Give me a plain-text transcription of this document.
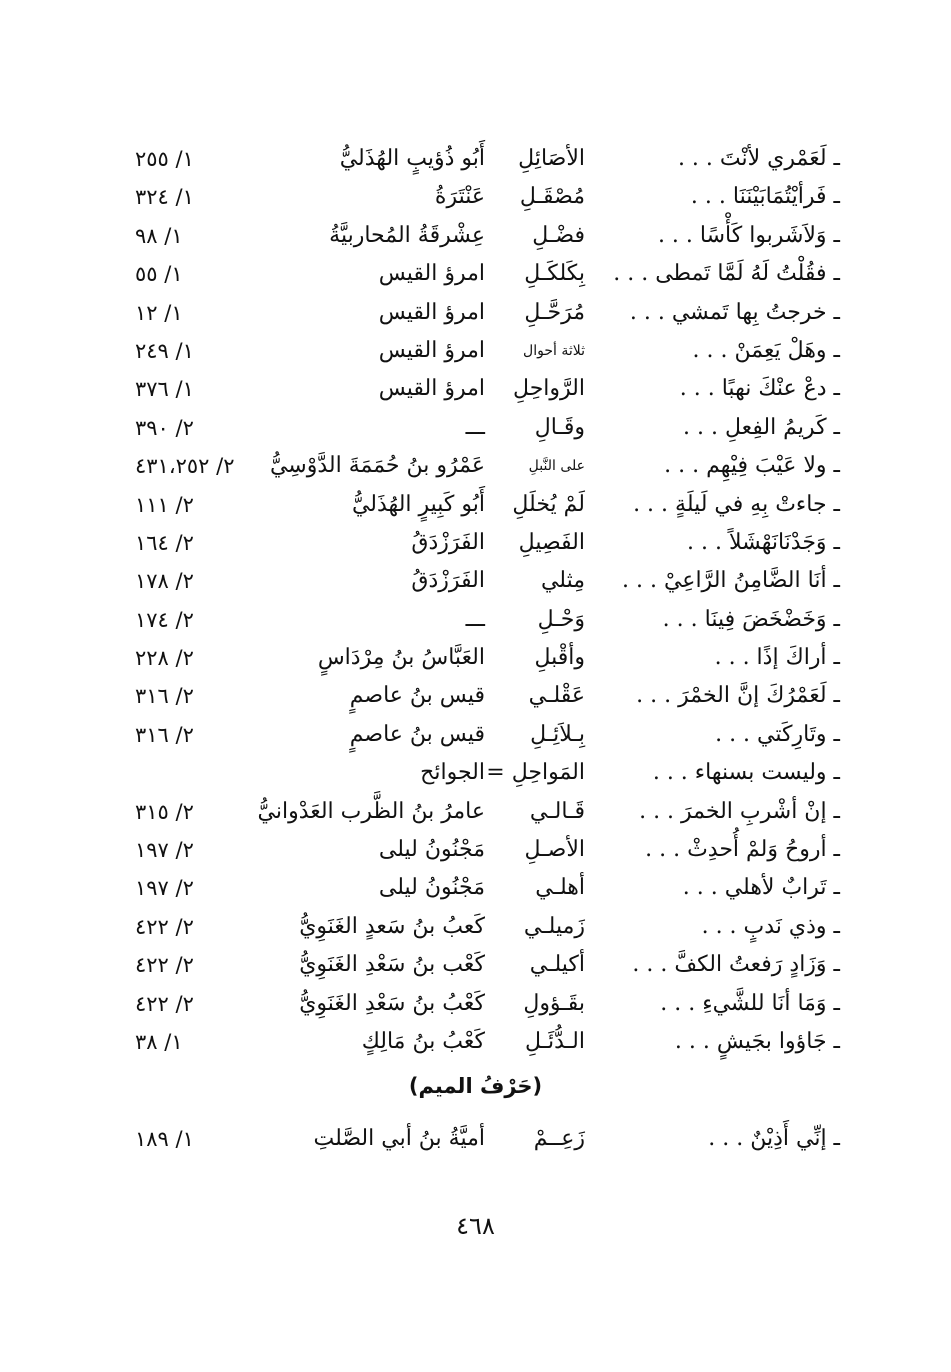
ـ لَعَمْري لأنْتَ . . .
الأصَائِلِ
أَبُو ذُؤيبٍ الهُذَليُّ
١/ ٢٥٥
ـ فَرأيْتُمَابَيْنَنَا . . .
مُصْقَـلِ
عَنْتَرَةُ
١/ ٣٢٤
ـ وَلاَشَربوا كَأْسًا . . .
فضْـلِ
عِشْرقَةُ المُحاربيَّةُ
١/ ٩٨
ـ فقُلْتُ لَهُ لَمَّا تَمطى . . .
بِكَلكَـلِ
امرؤ القيس
١/ ٥٥
ـ خرجتُ بِها تَمشي . . .
مُرَحَّـلِ
امرؤ القيس
١/ ١٢
ـ وهَلْ يَعِمَنْ . . .
ثلاثة أحوال
امرؤ القيس
١/ ٢٤٩
ـ دعْ عنْكَ نهبًا . . .
الرَّواحِلِ
امرؤ القيس
١/ ٣٧٦
ـ كَريمُ الفِعلِ . . .
وقَـالِ
ـــ
٢/ ٣٩٠
ـ ولا عَيْبَ فِيْهِم . . .
على النَّبلِ
عَمْرُو بنُ حُمَمَةَ الدَّوْسِيُّ
٢/ ٤٣١،٢٥٢
ـ جاءتْ بِهِ في لَيلَةٍ . . .
لَمْ يُخلَلِ
أَبُو كَبِيرٍ الهُذَليُّ
٢/ ١١١
ـ وَجَدْنَانَهْشَلاً . . .
الفَصِيلِ
الفَرَزْدَقُ
٢/ ١٦٤
ـ أنَا الضَّامِنُ الرَّاعِيْ . . .
مِثلي
الفَرَزْدَقُ
٢/ ١٧٨
ـ وَخَضْخَضَ فِينَا . . .
وَحْـلِ
ـــ
٢/ ١٧٤
ـ أراكَ إذًا . . .
وأقْبلِ
العَبَّاسُ بنُ مِرْدَاسٍ
٢/ ٢٢٨
ـ لَعَمْرُكَ إنَّ الخمْرَ . . .
عَقْلـي
قيس بنُ عاصمٍ
٢/ ٣١٦
ـ وتَارِكَتي . . .
بِـلاَئِـلِ
قيس بنُ عاصمٍ
٢/ ٣١٦
ـ وليست بسنهاء . . .
المَواحِلِ =
الجوائح
ـ إنْ أشْربِ الخمرَ . . .
قَـالـي
عامرُ بنُ الظَّرب العَدْوانيُّ
٢/ ٣١٥
ـ أروحُ وَلمْ أُحدِثْ . . .
الأصـلِ
مَجْنُونُ ليلى
٢/ ١٩٧
ـ تَرابٌ لأهلي . . .
أهلـي
مَجْنُونُ ليلى
٢/ ١٩٧
ـ وذي نَدبٍ . . .
زَميلـي
كَعبُ بنُ سَعدٍ الغَنَوِيُّ
٢/ ٤٢٢
ـ وَزَادٍ رَفعتُ الكفَّ . . .
أكيلـي
كَعْب بنُ سَعْدِ الغَنَوِيُّ
٢/ ٤٢٢
ـ وَمَا أنَا للشَّيءِ . . .
بقَـؤولِ
كَعْبُ بنُ سَعْدِ الغَنَوِيُّ
٢/ ٤٢٢
ـ جَاؤوا بجَيشٍ . . .
الـدُّئَـلِ
كَعْبُ بنُ مَالِكٍ
١/ ٣٨
(حَرْفُ الميم)
ـ إنِّي أَذِيْنٌ . . .
زَعِــمْ
أميَّةُ بنُ أبي الصَّلتِ
١/ ١٨٩
٤٦٨
